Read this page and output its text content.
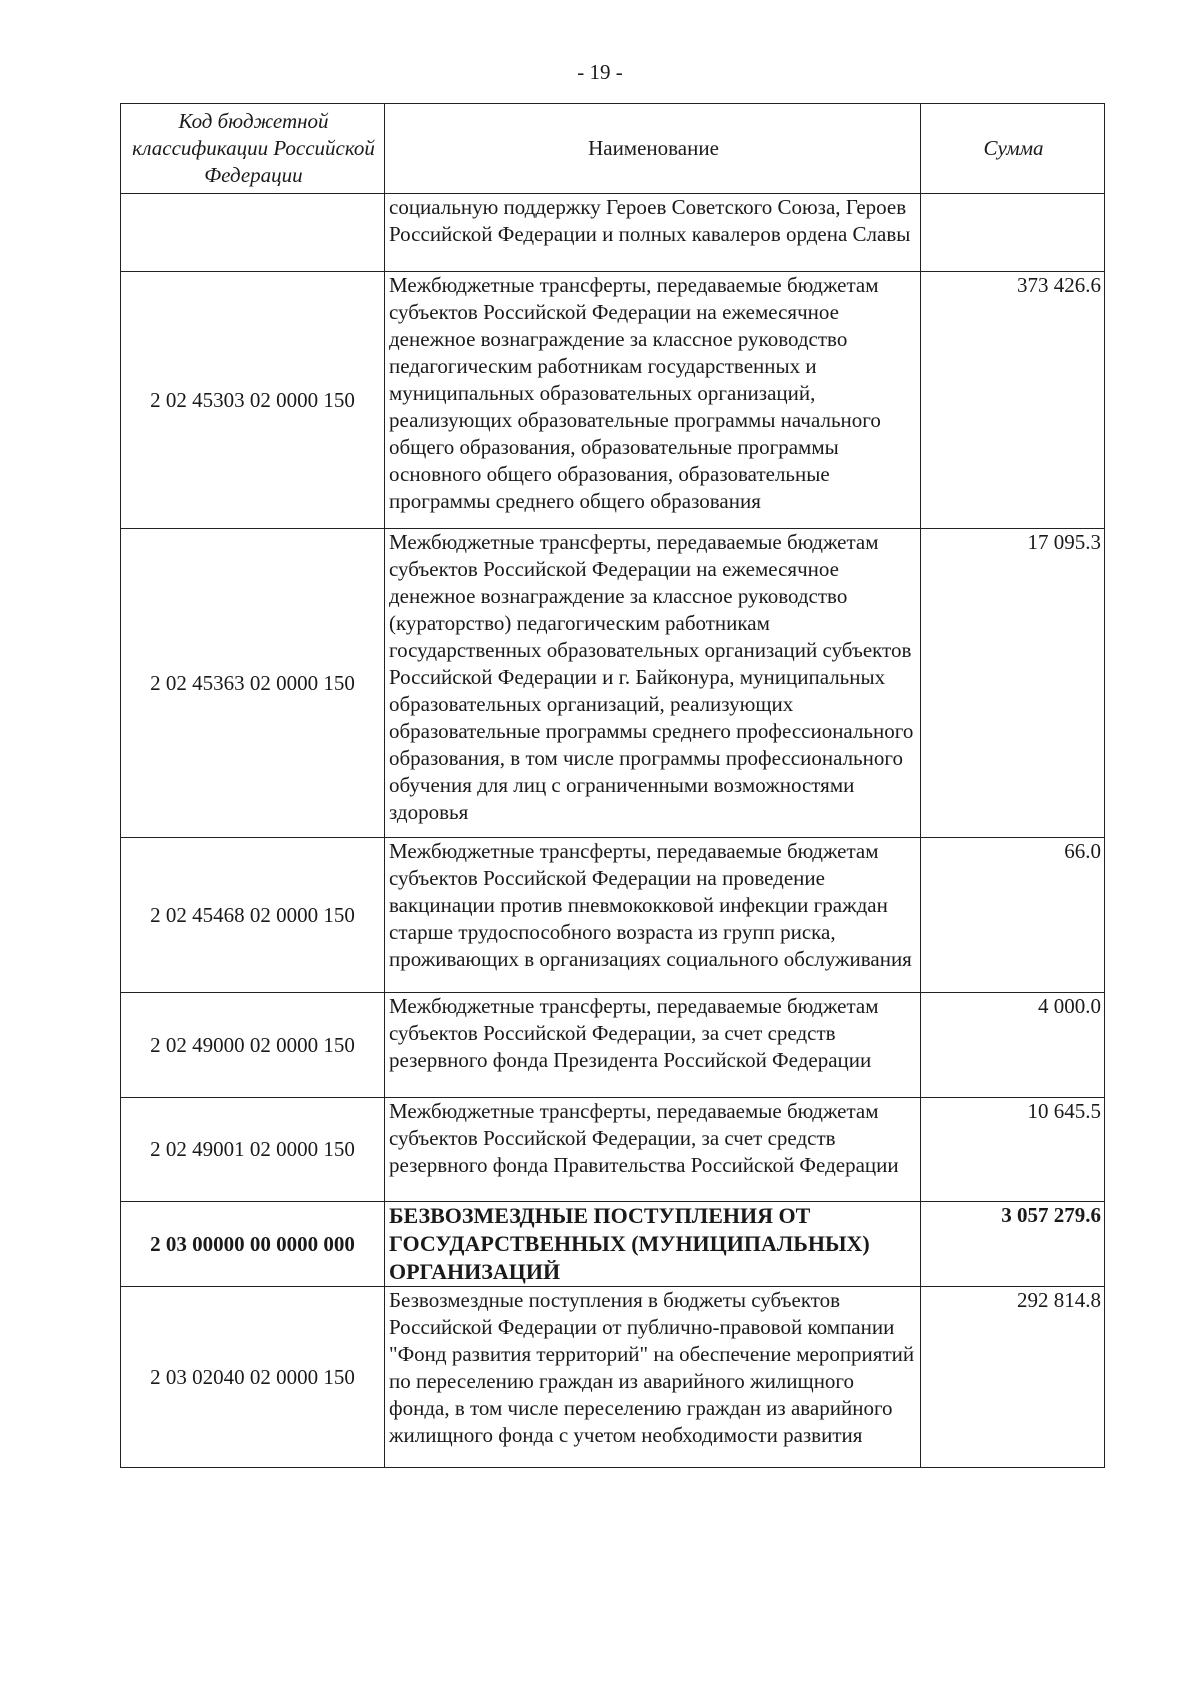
- 19 -
Код бюджетной классификации Российской Федерации	Наименование	Сумма
	социальную поддержку Героев Советского Союза, Героев Российской Федерации и полных кавалеров ордена Славы	
2 02 45303 02 0000 150	Межбюджетные трансферты, передаваемые бюджетам субъектов Российской Федерации на ежемесячное денежное вознаграждение за классное руководство педагогическим работникам государственных и муниципальных образовательных организаций, реализующих образовательные программы начального общего образования, образовательные программы основного общего образования, образовательные программы среднего общего образования	373 426.6
2 02 45363 02 0000 150	Межбюджетные трансферты, передаваемые бюджетам субъектов Российской Федерации на ежемесячное денежное вознаграждение за классное руководство (кураторство) педагогическим работникам государственных образовательных организаций субъектов Российской Федерации и г. Байконура, муниципальных образовательных организаций, реализующих образовательные программы среднего профессионального образования, в том числе программы профессионального обучения для лиц с ограниченными возможностями здоровья	17 095.3
2 02 45468 02 0000 150	Межбюджетные трансферты, передаваемые бюджетам субъектов Российской Федерации на проведение вакцинации против пневмококковой инфекции граждан старше трудоспособного возраста из групп риска, проживающих в организациях социального обслуживания	66.0
2 02 49000 02 0000 150	Межбюджетные трансферты, передаваемые бюджетам субъектов Российской Федерации, за счет средств резервного фонда Президента Российской Федерации	4 000.0
2 02 49001 02 0000 150	Межбюджетные трансферты, передаваемые бюджетам субъектов Российской Федерации, за счет средств резервного фонда Правительства Российской Федерации	10 645.5
2 03 00000 00 0000 000	БЕЗВОЗМЕЗДНЫЕ ПОСТУПЛЕНИЯ ОТ ГОСУДАРСТВЕННЫХ (МУНИЦИПАЛЬНЫХ) ОРГАНИЗАЦИЙ	3 057 279.6
2 03 02040 02 0000 150	Безвозмездные поступления в бюджеты субъектов Российской Федерации от публично-правовой компании "Фонд развития территорий" на обеспечение мероприятий по переселению граждан из аварийного жилищного фонда, в том числе переселению граждан из аварийного жилищного фонда с учетом необходимости развития	292 814.8
